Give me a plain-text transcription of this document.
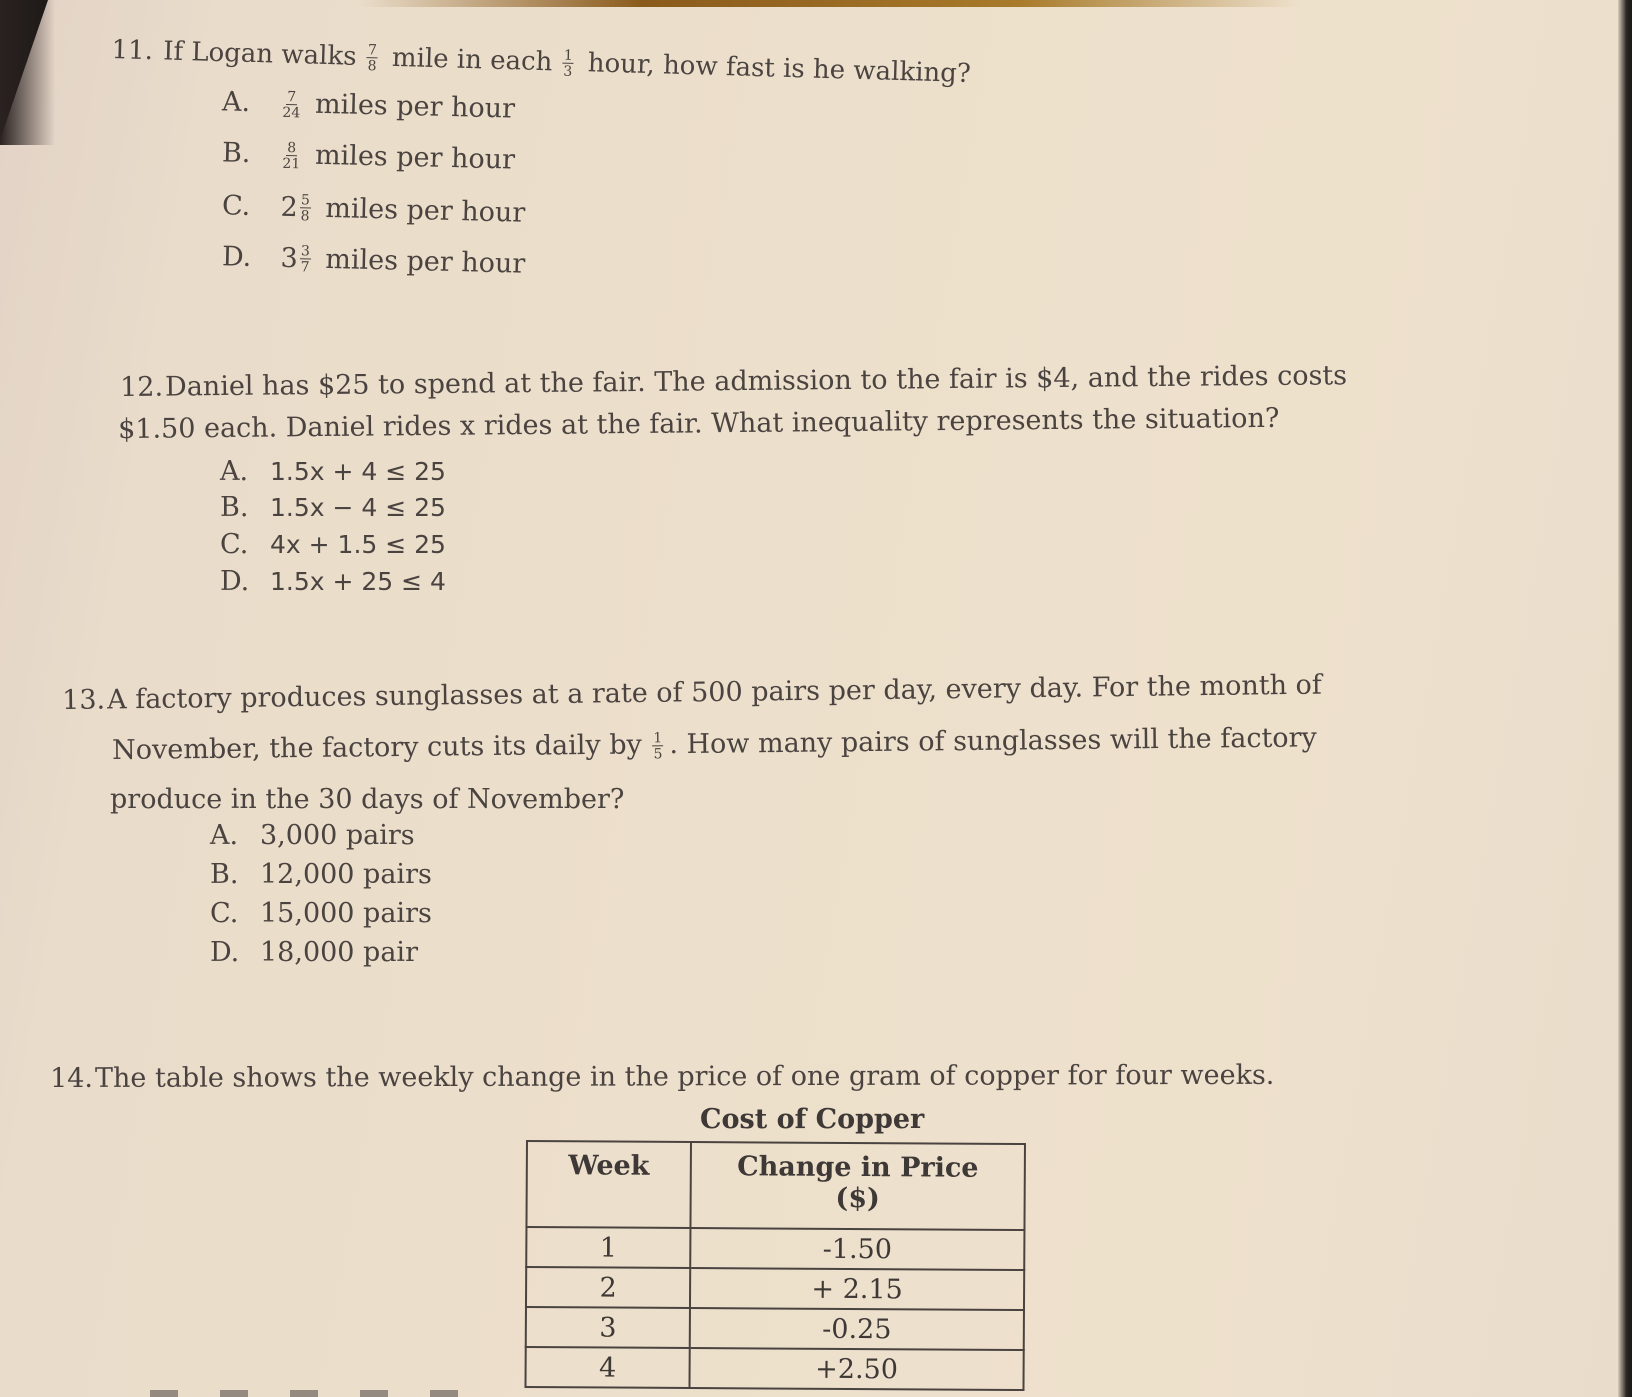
11. If Logan walks $\frac{7}{8}$ mile in each $\frac{1}{3}$ hour, how fast is he walking?
A. $\frac{7}{24}$ miles per hour
B. $\frac{8}{21}$ miles per hour
C. $2 \frac{5}{8}$ miles per hour
D. $3 \frac{3}{7}$ miles per hour
12.Daniel has $25 to spend at the fair. The admission to the fair is $4, and the rides costs
$1.50 each. Daniel rides x rides at the fair. What inequality represents the situation?
A. 1.5x + 4 ≤ 25
B. 1.5x − 4 ≤ 25
C. 4x + 1.5 ≤ 25
D. 1.5x + 25 ≤ 4
13.A factory produces sunglasses at a rate of 500 pairs per day, every day. For the month of
November, the factory cuts its daily by $\frac{1}{5}$ . How many pairs of sunglasses will the factory
produce in the 30 days of November?
A. 3,000 pairs
B. 12,000 pairs
C. 15,000 pairs
D. 18,000 pair
14.The table shows the weekly change in the price of one gram of copper for four weeks.
Cost of Copper
Week	Change in Price
($)

1	-1.50
2	+ 2.15
3	-0.25
4	+2.50
